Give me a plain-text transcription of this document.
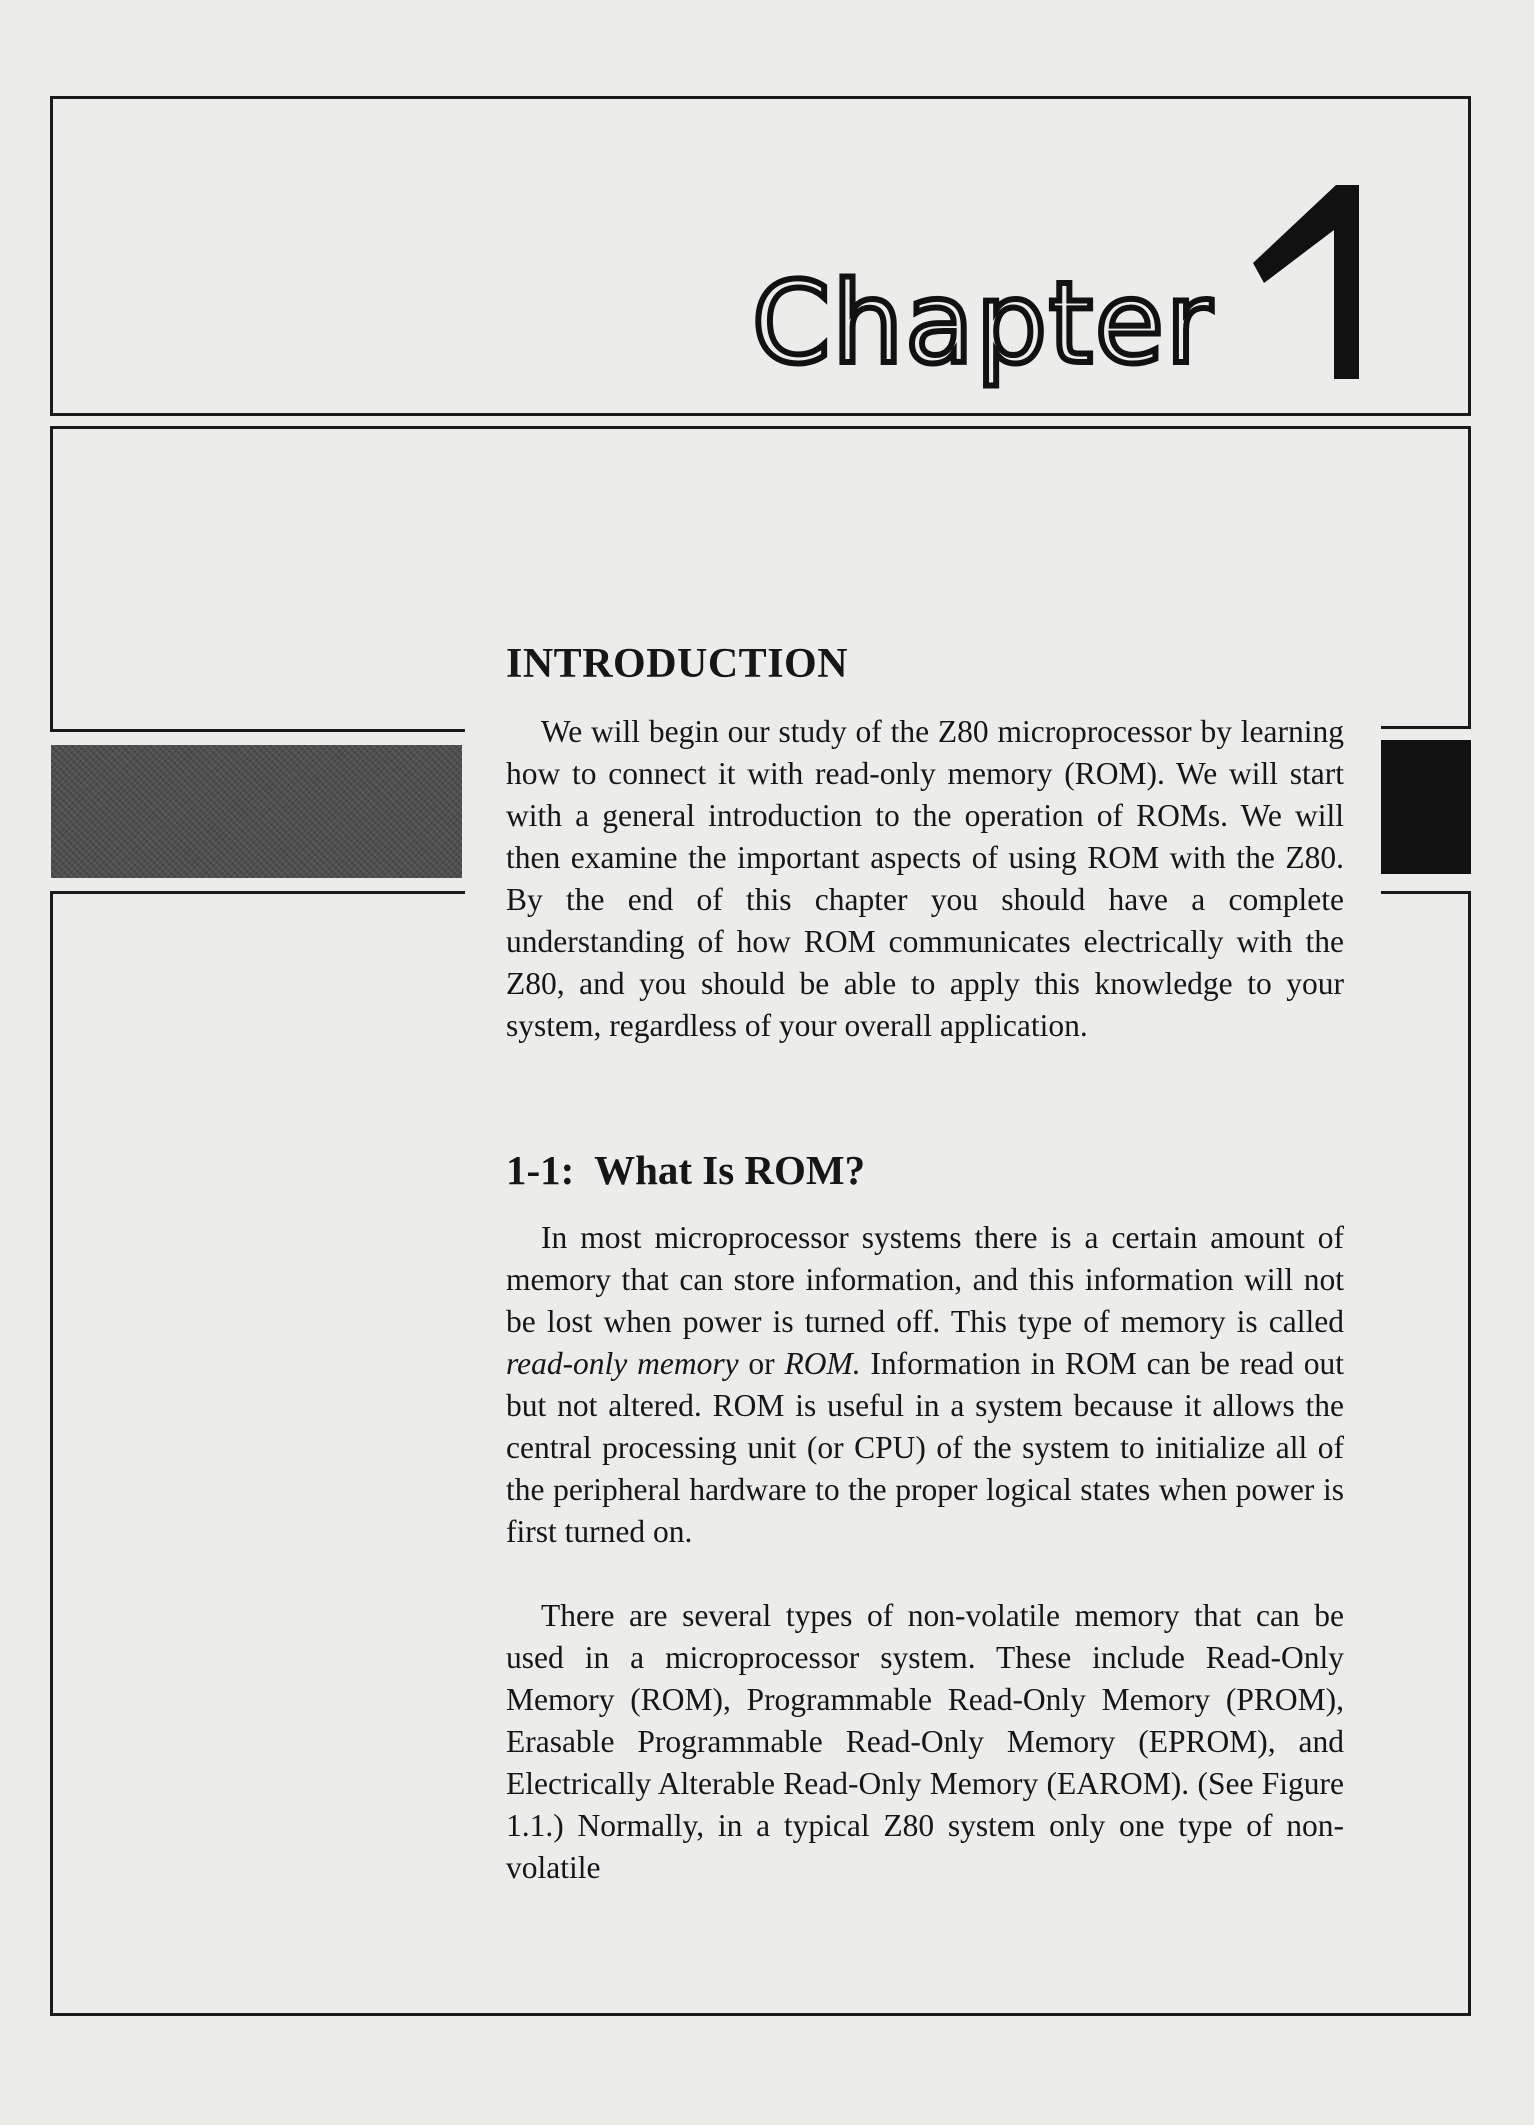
Chapter
INTRODUCTION

We will begin our study of the Z80 microprocessor by learning how to connect it with read-only memory (ROM). We will start with a general introduction to the operation of ROMs. We will then examine the important aspects of using ROM with the Z80. By the end of this chapter you should have a complete understanding of how ROM communicates electrically with the Z80, and you should be able to apply this knowledge to your system, regardless of your overall application.

1-1:  What Is ROM?

In most microprocessor systems there is a certain amount of memory that can store information, and this information will not be lost when power is turned off. This type of memory is called read-only memory or ROM. Information in ROM can be read out but not altered. ROM is useful in a system because it allows the central processing unit (or CPU) of the system to initialize all of the peripheral hardware to the proper logical states when power is first turned on.

There are several types of non-volatile memory that can be used in a microprocessor system. These include Read-Only Memory (ROM), Programmable Read-Only Memory (PROM), Erasable Programmable Read-Only Memory (EPROM), and Electrically Alterable Read-Only Memory (EAROM). (See Figure 1.1.) Normally, in a typical Z80 system only one type of non-volatile
